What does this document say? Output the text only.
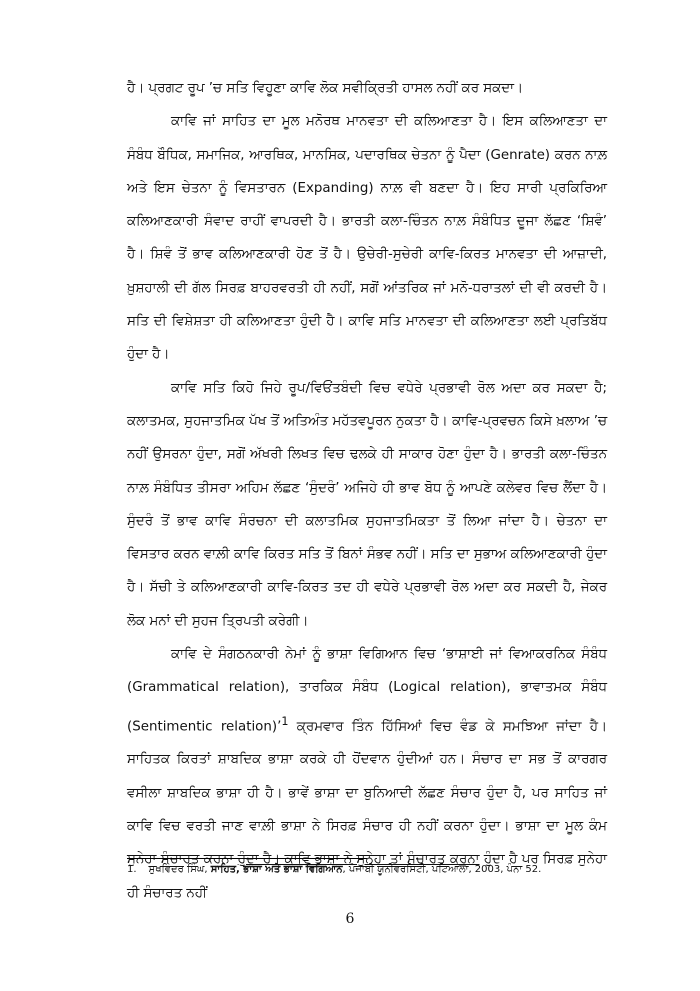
ਹੈ। ਪ੍ਰਗਟ ਰੂਪ ’ਚ ਸਤਿ ਵਿਹੂਣਾ ਕਾਵਿ ਲੋਕ ਸਵੀਕ੍ਰਿਤੀ ਹਾਸਲ ਨਹੀਂ ਕਰ ਸਕਦਾ।

ਕਾਵਿ ਜਾਂ ਸਾਹਿਤ ਦਾ ਮੂਲ ਮਨੋਰਥ ਮਾਨਵਤਾ ਦੀ ਕਲਿਆਣਤਾ ਹੈ। ਇਸ ਕਲਿਆਣਤਾ ਦਾ ਸੰਬੰਧ ਬੌਧਿਕ, ਸਮਾਜਿਕ, ਆਰਥਿਕ, ਮਾਨਸਿਕ, ਪਦਾਰਥਿਕ ਚੇਤਨਾ ਨੂੰ ਪੈਦਾ (Genrate) ਕਰਨ ਨਾਲ਼ ਅਤੇ ਇਸ ਚੇਤਨਾ ਨੂੰ ਵਿਸਤਾਰਨ (Expanding) ਨਾਲ਼ ਵੀ ਬਣਦਾ ਹੈ। ਇਹ ਸਾਰੀ ਪ੍ਰਕਿਰਿਆ ਕਲਿਆਣਕਾਰੀ ਸੰਵਾਦ ਰਾਹੀਂ ਵਾਪਰਦੀ ਹੈ। ਭਾਰਤੀ ਕਲਾ-ਚਿੰਤਨ ਨਾਲ਼ ਸੰਬੰਧਿਤ ਦੂਜਾ ਲੱਛਣ ‘ਸ਼ਿਵੰ’ ਹੈ। ਸ਼ਿਵੰ ਤੋਂ ਭਾਵ ਕਲਿਆਣਕਾਰੀ ਹੋਣ ਤੋਂ ਹੈ। ਉਚੇਰੀ-ਸੁਚੇਰੀ ਕਾਵਿ-ਕਿਰਤ ਮਾਨਵਤਾ ਦੀ ਆਜ਼ਾਦੀ, ਖ਼ੁਸ਼ਹਾਲੀ ਦੀ ਗੱਲ ਸਿਰਫ਼ ਬਾਹਰਵਰਤੀ ਹੀ ਨਹੀਂ, ਸਗੋਂ ਆਂਤਰਿਕ ਜਾਂ ਮਨੋ-ਧਰਾਤਲਾਂ ਦੀ ਵੀ ਕਰਦੀ ਹੈ। ਸਤਿ ਦੀ ਵਿਸ਼ੇਸ਼ਤਾ ਹੀ ਕਲਿਆਣਤਾ ਹੁੰਦੀ ਹੈ। ਕਾਵਿ ਸਤਿ ਮਾਨਵਤਾ ਦੀ ਕਲਿਆਣਤਾ ਲਈ ਪ੍ਰਤਿਬੱਧ ਹੁੰਦਾ ਹੈ।

ਕਾਵਿ ਸਤਿ ਕਿਹੋ ਜਿਹੇ ਰੂਪ/ਵਿਓਂਤਬੰਦੀ ਵਿਚ ਵਧੇਰੇ ਪ੍ਰਭਾਵੀ ਰੋਲ ਅਦਾ ਕਰ ਸਕਦਾ ਹੈ; ਕਲਾਤਮਕ, ਸੁਹਜਾਤਮਿਕ ਪੱਖ ਤੋਂ ਅਤਿਅੰਤ ਮਹੱਤਵਪੂਰਨ ਨੁਕਤਾ ਹੈ। ਕਾਵਿ-ਪ੍ਰਵਚਨ ਕਿਸੇ ਖ਼ਲਾਅ ’ਚ ਨਹੀਂ ਉਸਰਨਾ ਹੁੰਦਾ, ਸਗੋਂ ਅੱਖਰੀ ਲਿਖਤ ਵਿਚ ਢਲਕੇ ਹੀ ਸਾਕਾਰ ਹੋਣਾ ਹੁੰਦਾ ਹੈ। ਭਾਰਤੀ ਕਲਾ-ਚਿੰਤਨ ਨਾਲ਼ ਸੰਬੰਧਿਤ ਤੀਸਰਾ ਅਹਿਮ ਲੱਛਣ ‘ਸੁੰਦਰੰ’ ਅਜਿਹੇ ਹੀ ਭਾਵ ਬੋਧ ਨੂੰ ਆਪਣੇ ਕਲੇਵਰ ਵਿਚ ਲੈਂਦਾ ਹੈ। ਸੁੰਦਰੰ ਤੋਂ ਭਾਵ ਕਾਵਿ ਸੰਰਚਨਾ ਦੀ ਕਲਾਤਮਿਕ ਸੁਹਜਾਤਮਿਕਤਾ ਤੋਂ ਲਿਆ ਜਾਂਦਾ ਹੈ। ਚੇਤਨਾ ਦਾ ਵਿਸਤਾਰ ਕਰਨ ਵਾਲ਼ੀ ਕਾਵਿ ਕਿਰਤ ਸਤਿ ਤੋਂ ਬਿਨਾਂ ਸੰਭਵ ਨਹੀਂ। ਸਤਿ ਦਾ ਸੁਭਾਅ ਕਲਿਆਣਕਾਰੀ ਹੁੰਦਾ ਹੈ। ਸੱਚੀ ਤੇ ਕਲਿਆਣਕਾਰੀ ਕਾਵਿ-ਕਿਰਤ ਤਦ ਹੀ ਵਧੇਰੇ ਪ੍ਰਭਾਵੀ ਰੋਲ ਅਦਾ ਕਰ ਸਕਦੀ ਹੈ, ਜੇਕਰ ਲੋਕ ਮਨਾਂ ਦੀ ਸੁਹਜ ਤ੍ਰਿਪਤੀ ਕਰੇਗੀ।

ਕਾਵਿ ਦੇ ਸੰਗਠਨਕਾਰੀ ਨੇਮਾਂ ਨੂੰ ਭਾਸ਼ਾ ਵਿਗਿਆਨ ਵਿਚ ‘ਭਾਸ਼ਾਈ ਜਾਂ ਵਿਆਕਰਨਿਕ ਸੰਬੰਧ (Grammatical relation), ਤਾਰਕਿਕ ਸੰਬੰਧ (Logical relation), ਭਾਵਾਤਮਕ ਸੰਬੰਧ (Sentimentic relation)’$^1$ ਕ੍ਰਮਵਾਰ ਤਿੰਨ ਹਿੱਸਿਆਂ ਵਿਚ ਵੰਡ ਕੇ ਸਮਝਿਆ ਜਾਂਦਾ ਹੈ। ਸਾਹਿਤਕ ਕਿਰਤਾਂ ਸ਼ਾਬਦਿਕ ਭਾਸ਼ਾ ਕਰਕੇ ਹੀ ਹੋਂਦਵਾਨ ਹੁੰਦੀਆਂ ਹਨ। ਸੰਚਾਰ ਦਾ ਸਭ ਤੋਂ ਕਾਰਗਰ ਵਸੀਲਾ ਸ਼ਾਬਦਿਕ ਭਾਸ਼ਾ ਹੀ ਹੈ। ਭਾਵੇਂ ਭਾਸ਼ਾ ਦਾ ਬੁਨਿਆਦੀ ਲੱਛਣ ਸੰਚਾਰ ਹੁੰਦਾ ਹੈ, ਪਰ ਸਾਹਿਤ ਜਾਂ ਕਾਵਿ ਵਿਚ ਵਰਤੀ ਜਾਣ ਵਾਲ਼ੀ ਭਾਸ਼ਾ ਨੇ ਸਿਰਫ਼ ਸੰਚਾਰ ਹੀ ਨਹੀਂ ਕਰਨਾ ਹੁੰਦਾ। ਭਾਸ਼ਾ ਦਾ ਮੂਲ ਕੰਮ ਸੁਨੇਹਾ ਸੰਚਾਰਤ ਕਰਨਾ ਹੁੰਦਾ ਹੈ। ਕਾਵਿ ਭਾਸ਼ਾ ਨੇ ਸੁਨੇਹਾ ਤਾਂ ਸੰਚਾਰਤ ਕਰਨਾ ਹੁੰਦਾ ਹੈ ਪਰ ਸਿਰਫ਼ ਸੁਨੇਹਾ ਹੀ ਸੰਚਾਰਤ ਨਹੀਂ

1. ਸੁਖਵਿੰਦਰ ਸਿੰਘ, ਸਾਹਿਤ, ਭਾਸ਼ਾ ਅਤੇ ਭਾਸ਼ਾ ਵਿਗਿਆਨ, ਪੰਜਾਬੀ ਯੂਨੀਵਰਸਿਟੀ, ਪਟਿਆਲਾ, 2003, ਪੰਨਾ 52.
6
